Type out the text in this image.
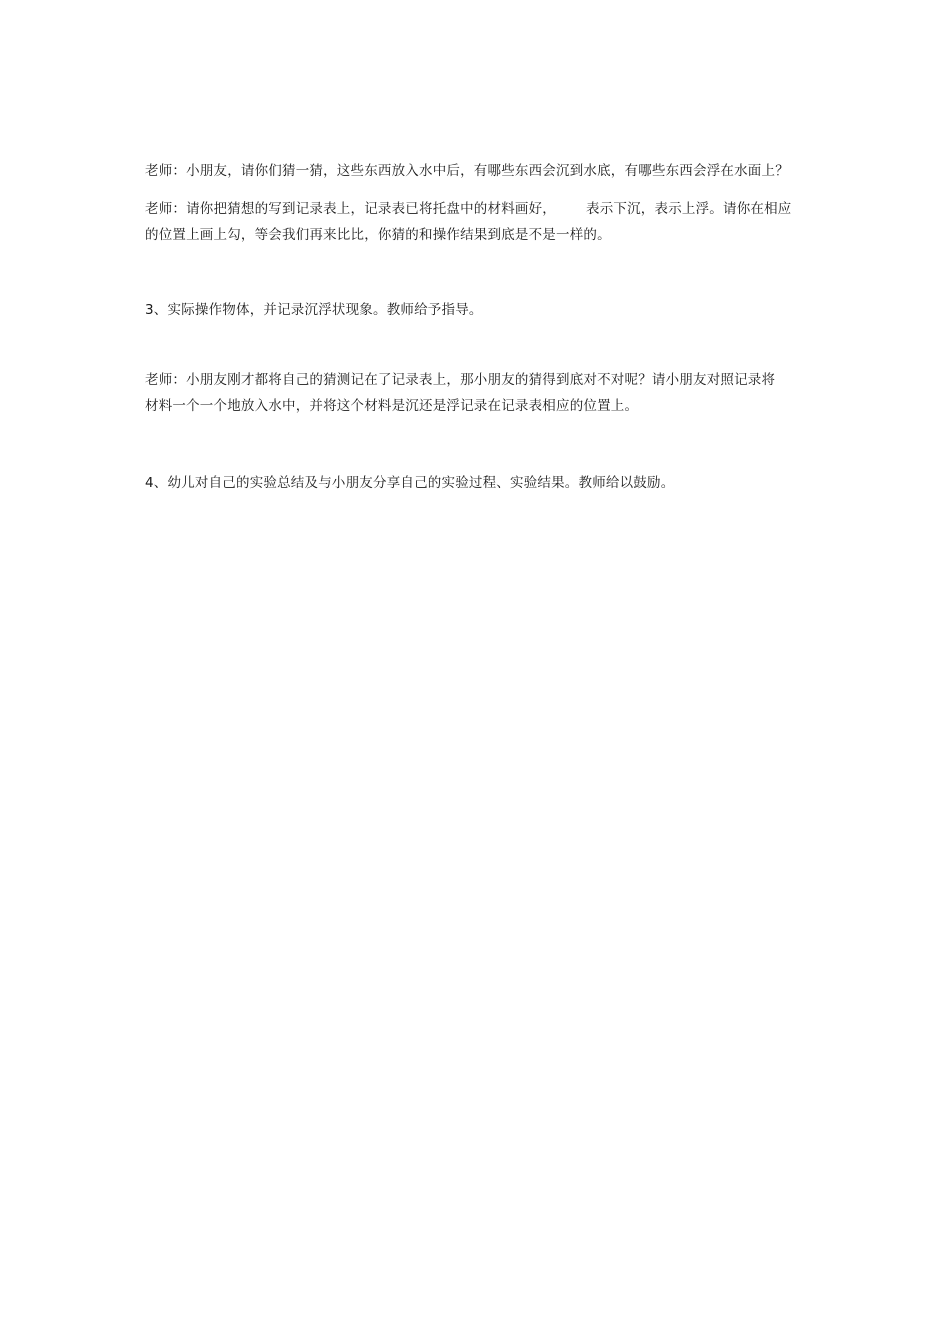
老师：小朋友，请你们猜一猜，这些东西放入水中后，有哪些东西会沉到水底，有哪些东西会浮在水面上？
老师：请你把猜想的写到记录表上，记录表已将托盘中的材料画好， 表示下沉，表示上浮。请你在相应
的位置上画上勾，等会我们再来比比，你猜的和操作结果到底是不是一样的。
3、实际操作物体，并记录沉浮状现象。教师给予指导。
老师：小朋友刚才都将自己的猜测记在了记录表上，那小朋友的猜得到底对不对呢？请小朋友对照记录将
材料一个一个地放入水中，并将这个材料是沉还是浮记录在记录表相应的位置上。
4、幼儿对自己的实验总结及与小朋友分享自己的实验过程、实验结果。教师给以鼓励。
